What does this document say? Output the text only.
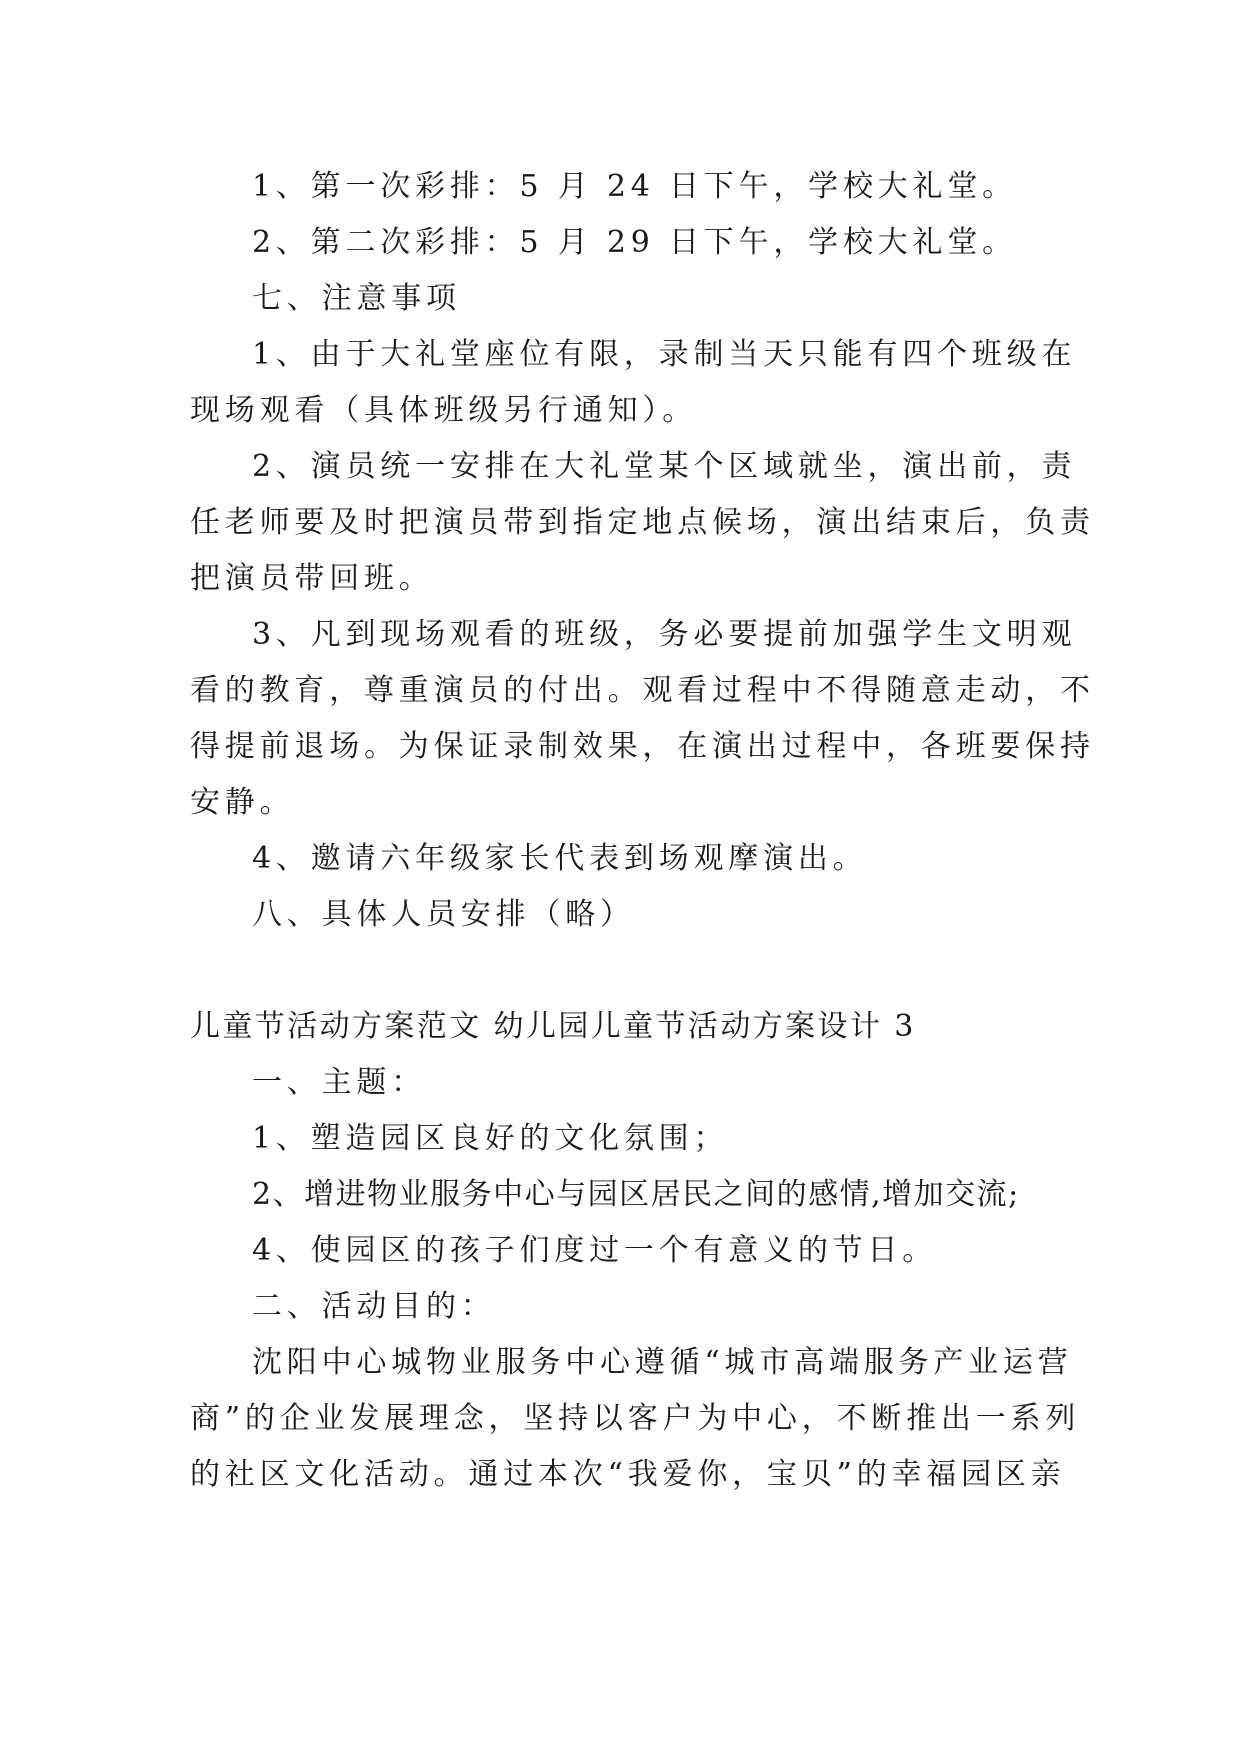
1、第一次彩排：5 月 24 日下午，学校大礼堂。
2、第二次彩排：5 月 29 日下午，学校大礼堂。
七、注意事项
1、由于大礼堂座位有限，录制当天只能有四个班级在
现场观看（具体班级另行通知）。
2、演员统一安排在大礼堂某个区域就坐，演出前，责
任老师要及时把演员带到指定地点候场，演出结束后，负责
把演员带回班。
3、凡到现场观看的班级，务必要提前加强学生文明观
看的教育，尊重演员的付出。观看过程中不得随意走动，不
得提前退场。为保证录制效果，在演出过程中，各班要保持
安静。
4、邀请六年级家长代表到场观摩演出。
八、具体人员安排（略）
儿童节活动方案范文 幼儿园儿童节活动方案设计 3
一、主题：
1、塑造园区良好的文化氛围；
2、增进物业服务中心与园区居民之间的感情,增加交流;
4、使园区的孩子们度过一个有意义的节日。
二、活动目的：
沈阳中心城物业服务中心遵循“城市高端服务产业运营
商”的企业发展理念，坚持以客户为中心，不断推出一系列
的社区文化活动。通过本次“我爱你，宝贝”的幸福园区亲
